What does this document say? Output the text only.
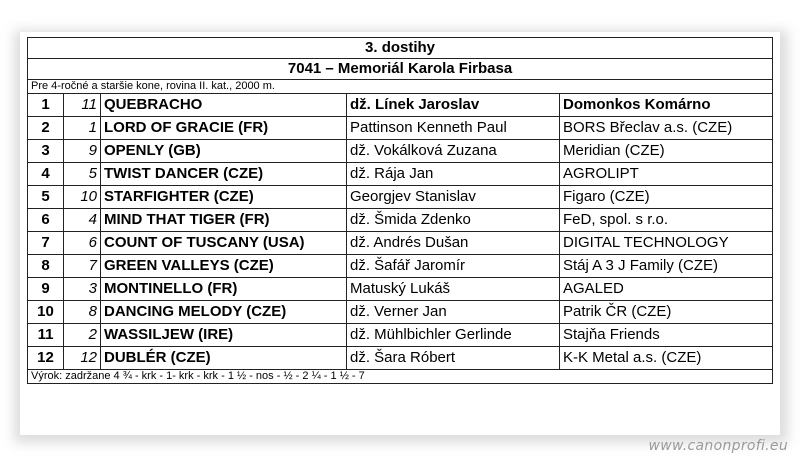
3. dostihy				
7041 – Memoriál Karola Firbasa				
Pre 4-ročné a staršie kone, rovina II. kat., 2000 m.				
1	11	QUEBRACHO	dž. Línek Jaroslav	Domonkos Komárno
2	1	LORD OF GRACIE (FR)	Pattinson Kenneth Paul	BORS Břeclav a.s. (CZE)
3	9	OPENLY (GB)	dž. Vokálková Zuzana	Meridian (CZE)
4	5	TWIST DANCER (CZE)	dž. Rája Jan	AGROLIPT
5	10	STARFIGHTER (CZE)	Georgjev Stanislav	Figaro (CZE)
6	4	MIND THAT TIGER (FR)	dž. Šmida Zdenko	FeD, spol. s r.o.
7	6	COUNT OF TUSCANY (USA)	dž. Andrés Dušan	DIGITAL TECHNOLOGY
8	7	GREEN VALLEYS (CZE)	dž. Šafář Jaromír	Stáj A 3 J Family (CZE)
9	3	MONTINELLO (FR)	Matuský Lukáš	AGALED
10	8	DANCING MELODY (CZE)	dž. Verner Jan	Patrik ČR (CZE)
11	2	WASSILJEW (IRE)	dž. Mühlbichler Gerlinde	Stajňa Friends
12	12	DUBLÉR (CZE)	dž. Šara Róbert	K-K Metal a.s. (CZE)
Výrok: zadržane 4 ¾ - krk - 1- krk - krk - 1 ½ - nos - ½ - 2 ¼ - 1 ½ - 7				
www.canonprofi.eu
